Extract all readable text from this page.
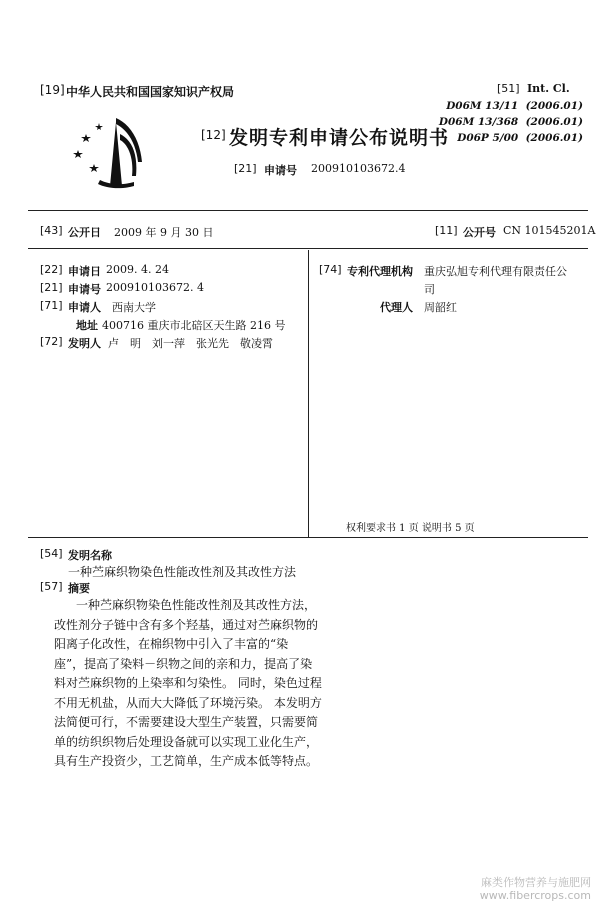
[19] 中华人民共和国国家知识产权局
[12] 发明专利申请公布说明书
[21] 申请号 200910103672.4
[51] Int. Cl.
D06M 13/11 (2006.01)
D06M 13/368 (2006.01)
D06P 5/00 (2006.01)
[43] 公开日 2009 年 9 月 30 日	[11] 公开号 CN 101545201A
[22] 申请日 2009. 4. 24
[21] 申请号 200910103672. 4
[71] 申请人 西南大学
地址 400716 重庆市北碚区天生路 216 号
[72] 发明人 卢　明　刘一萍　张光先　敬凌霄
[74] 专利代理机构 重庆弘旭专利代理有限责任公
司
代理人 周韶红
权利要求书 1 页 说明书 5 页
[54] 发明名称
一种苎麻织物染色性能改性剂及其改性方法
[57] 摘要
一种苎麻织物染色性能改性剂及其改性方法，
改性剂分子链中含有多个羟基，通过对苎麻织物的
阳离子化改性，在棉织物中引入了丰富的“染
座”，提高了染料－织物之间的亲和力，提高了染
料对苎麻织物的上染率和匀染性。 同时，染色过程
不用无机盐，从而大大降低了环境污染。 本发明方
法简便可行，不需要建设大型生产装置，只需要简
单的纺织织物后处理设备就可以实现工业化生产，
具有生产投资少，工艺简单，生产成本低等特点。
麻类作物营养与施肥网
www.fibercrops.com
